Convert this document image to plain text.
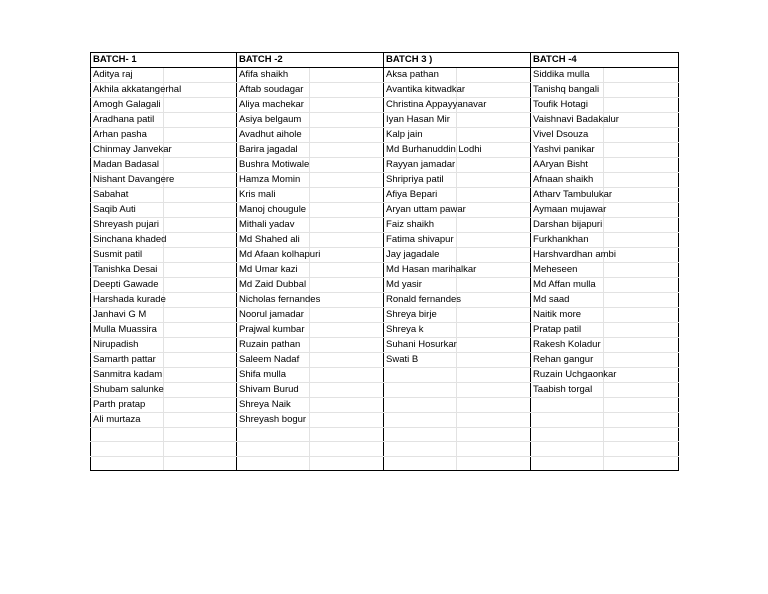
BATCH- 1		BATCH -2		BATCH 3 )		BATCH -4	
Aditya raj		Afifa shaikh		Aksa pathan		Siddika mulla	
Akhila akkatangerhal		Aftab soudagar		Avantika kitwadkar		Tanishq bangali	
Amogh Galagali		Aliya machekar		Christina Appayyanavar		Toufik Hotagi	
Aradhana patil		Asiya belgaum		Iyan Hasan Mir		Vaishnavi Badakalur	
Arhan pasha		Avadhut aihole		Kalp jain		Vivel Dsouza	
Chinmay Janvekar		Barira jagadal		Md Burhanuddin Lodhi		Yashvi panikar	
Madan Badasal		Bushra Motiwale		Rayyan jamadar		AAryan Bisht	
Nishant Davangere		Hamza Momin		Shripriya patil		Afnaan shaikh	
Sabahat		Kris mali		Afiya Bepari		Atharv Tambulukar	
Saqib Auti		Manoj chougule		Aryan uttam pawar		Aymaan mujawar	
Shreyash pujari		Mithali yadav		Faiz shaikh		Darshan bijapuri	
Sinchana khaded		Md Shahed ali		Fatima shivapur		Furkhankhan	
Susmit patil		Md Afaan kolhapuri		Jay jagadale		Harshvardhan ambi	
Tanishka Desai		Md Umar kazi		Md Hasan marihalkar		Meheseen	
Deepti Gawade		Md Zaid Dubbal		Md yasir		Md Affan mulla	
Harshada kurade		Nicholas fernandes		Ronald fernandes		Md saad	
Janhavi G M		Noorul jamadar		Shreya birje		Naitik more	
Mulla Muassira		Prajwal kumbar		Shreya k		Pratap patil	
Nirupadish		Ruzain pathan		Suhani Hosurkar		Rakesh Koladur	
Samarth pattar		Saleem Nadaf		Swati B		Rehan gangur	
Sanmitra kadam		Shifa mulla				Ruzain Uchgaonkar	
Shubam salunke		Shivam Burud				Taabish torgal	
Parth pratap		Shreya Naik					
Ali murtaza		Shreyash bogur					
